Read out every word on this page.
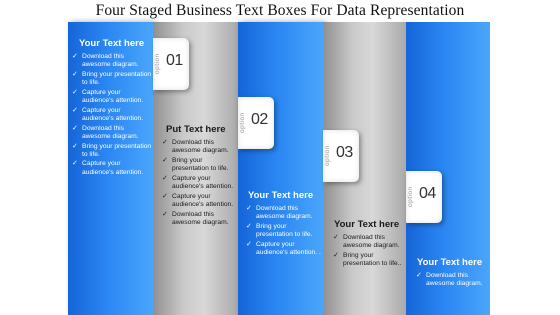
Four Staged Business Text Boxes For Data Representation
Your Text here
✓ Download this awesome diagram.
✓ Bring your presentation to life.
✓ Capture your audience's attention.
✓ Capture your audience's attention.
✓ Download this awesome diagram.
✓ Bring your presentation to life.
✓ Capture your audience's attention.
option 01
Put Text here
✓ Download this awesome diagram.
✓ Bring your presentation to life.
✓ Capture your audience's attention.
✓ Capture your audience's attention.
✓ Download this awesome diagram.
option 02
Your Text here
✓ Download this awesome diagram.
✓ Bring your presentation to life.
✓ Capture your audience's attention. .
option 03
Your Text here
✓ Download this awesome diagram.
✓ Bring your presentation to life..
option 04
Your Text here
✓ Download this awesome diagram.
